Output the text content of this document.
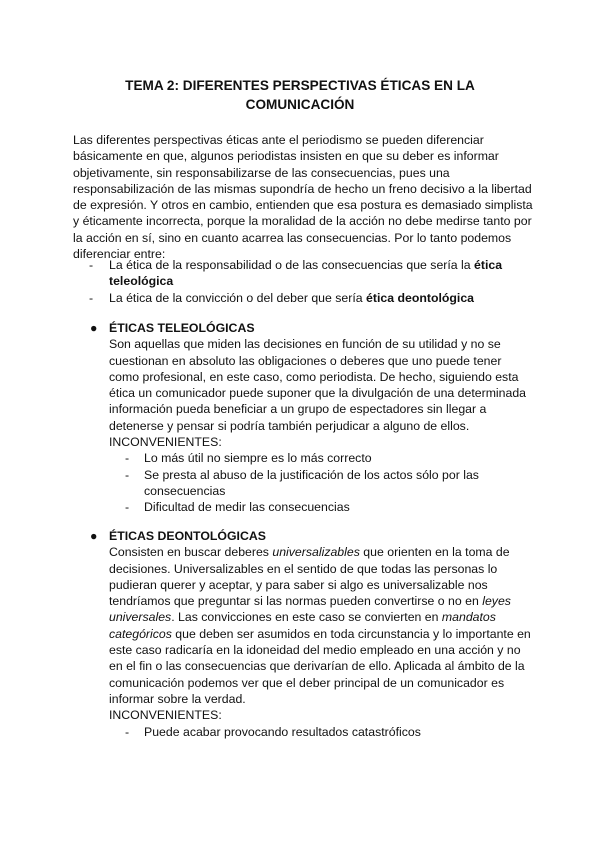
TEMA 2: DIFERENTES PERSPECTIVAS ÉTICAS EN LA
COMUNICACIÓN
Las diferentes perspectivas éticas ante el periodismo se pueden diferenciar
básicamente en que, algunos periodistas insisten en que su deber es informar
objetivamente, sin responsabilizarse de las consecuencias, pues una
responsabilización de las mismas supondría de hecho un freno decisivo a la libertad
de expresión. Y otros en cambio, entienden que esa postura es demasiado simplista
y éticamente incorrecta, porque la moralidad de la acción no debe medirse tanto por
la acción en sí, sino en cuanto acarrea las consecuencias. Por lo tanto podemos
diferenciar entre:
- La ética de la responsabilidad o de las consecuencias que sería la ética
teleológica
- La ética de la convicción o del deber que sería ética deontológica
● ÉTICAS TELEOLÓGICAS
Son aquellas que miden las decisiones en función de su utilidad y no se
cuestionan en absoluto las obligaciones o deberes que uno puede tener
como profesional, en este caso, como periodista. De hecho, siguiendo esta
ética un comunicador puede suponer que la divulgación de una determinada
información pueda beneficiar a un grupo de espectadores sin llegar a
detenerse y pensar si podría también perjudicar a alguno de ellos.
INCONVENIENTES:
- Lo más útil no siempre es lo más correcto
- Se presta al abuso de la justificación de los actos sólo por las
consecuencias
- Dificultad de medir las consecuencias
● ÉTICAS DEONTOLÓGICAS
Consisten en buscar deberes universalizables que orienten en la toma de
decisiones. Universalizables en el sentido de que todas las personas lo
pudieran querer y aceptar, y para saber si algo es universalizable nos
tendríamos que preguntar si las normas pueden convertirse o no en leyes
universales. Las convicciones en este caso se convierten en mandatos
categóricos que deben ser asumidos en toda circunstancia y lo importante en
este caso radicaría en la idoneidad del medio empleado en una acción y no
en el fin o las consecuencias que derivarían de ello. Aplicada al ámbito de la
comunicación podemos ver que el deber principal de un comunicador es
informar sobre la verdad.
INCONVENIENTES:
- Puede acabar provocando resultados catastróficos
